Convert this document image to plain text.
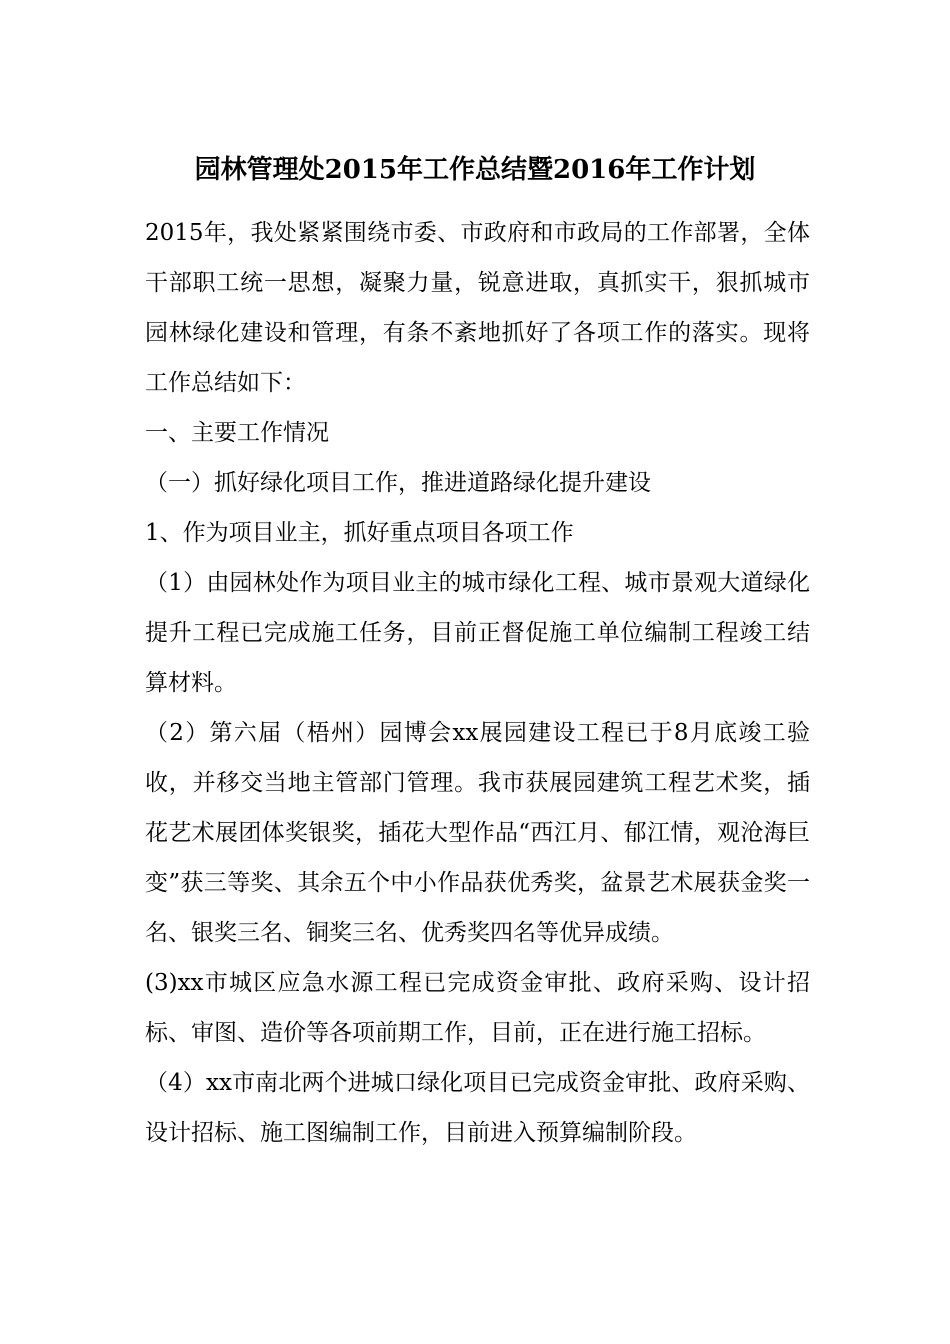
园林管理处2015年工作总结暨2016年工作计划

2015年，我处紧紧围绕市委、市政府和市政局的工作部署，全体干部职工统一思想，凝聚力量，锐意进取，真抓实干，狠抓城市园林绿化建设和管理，有条不紊地抓好了各项工作的落实。现将工作总结如下：

一、主要工作情况

（一）抓好绿化项目工作，推进道路绿化提升建设

1、作为项目业主，抓好重点项目各项工作

（1）由园林处作为项目业主的城市绿化工程、城市景观大道绿化提升工程已完成施工任务，目前正督促施工单位编制工程竣工结算材料。

（2）第六届（梧州）园博会xx展园建设工程已于8月底竣工验收，并移交当地主管部门管理。我市获展园建筑工程艺术奖，插花艺术展团体奖银奖，插花大型作品“西江月、郁江情，观沧海巨变”获三等奖、其余五个中小作品获优秀奖，盆景艺术展获金奖一名、银奖三名、铜奖三名、优秀奖四名等优异成绩。

(3)xx市城区应急水源工程已完成资金审批、政府采购、设计招标、审图、造价等各项前期工作，目前，正在进行施工招标。

（4）xx市南北两个进城口绿化项目已完成资金审批、政府采购、设计招标、施工图编制工作，目前进入预算编制阶段。
